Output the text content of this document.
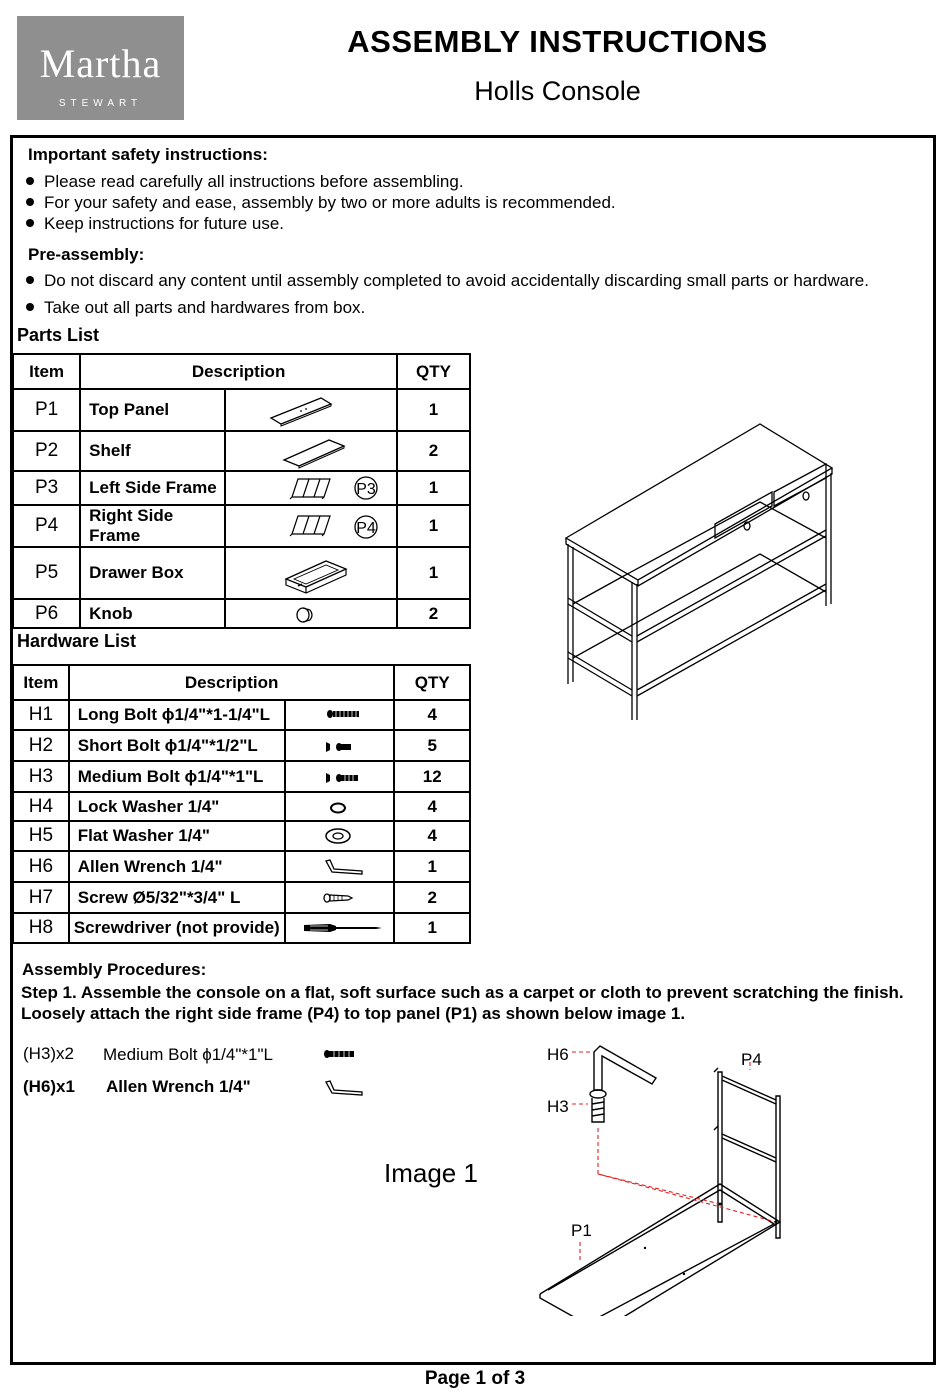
Martha
STEWART
ASSEMBLY INSTRUCTIONS
Holls Console
Important safety instructions:
Please read carefully all instructions before assembling.
For your safety and ease, assembly by two or more adults is recommended.
Keep instructions for future use.
Pre-assembly:
Do not discard any content until assembly completed to avoid accidentally discarding small parts or hardware.
Take out all parts and hardwares from box.
Parts List
Item	Description		QTY
P1	Top Panel		1
P2	Shelf		2
P3	Left Side Frame	P3	1
P4	Right Side Frame	P4	1
P5	Drawer Box		1
P6	Knob		2
Hardware List
Item	Description		QTY
H1	Long Bolt ϕ1/4"*1-1/4"L		4
H2	Short Bolt ϕ1/4"*1/2"L		5
H3	Medium Bolt ϕ1/4"*1"L		12
H4	Lock Washer 1/4"		4
H5	Flat Washer 1/4"		4
H6	Allen Wrench 1/4"		1
H7	Screw Ø5/32"*3/4" L		2
H8	Screwdriver (not provide)		1
Assembly Procedures:
Step 1. Assemble the console on a flat, soft surface such as a carpet or cloth to prevent scratching the finish.
Loosely attach the right side frame (P4) to top panel (P1) as shown below image 1.
(H3)x2 Medium Bolt ϕ1/4"*1"L
(H6)x1 Allen Wrench 1/4"
Image 1
H6
H3
P4
P1
Page 1 of 3
